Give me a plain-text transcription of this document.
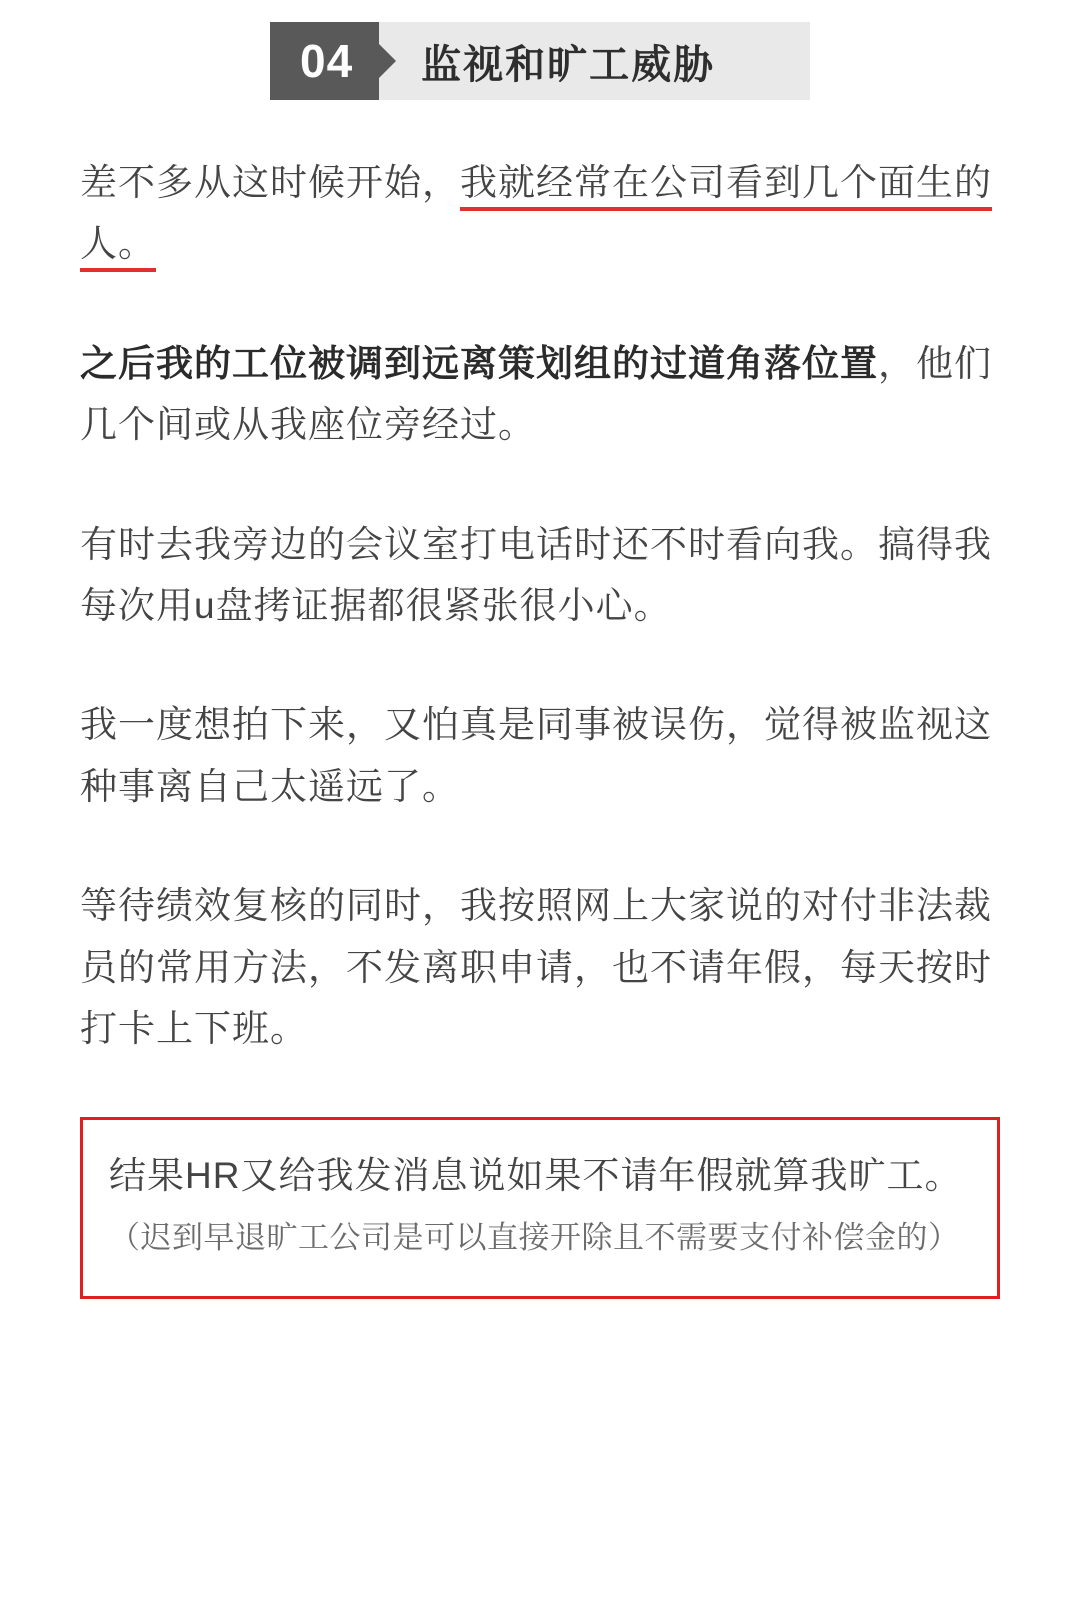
04	监视和旷工威胁

差不多从这时候开始，我就经常在公司看到几个面生的人。

之后我的工位被调到远离策划组的过道角落位置，他们几个间或从我座位旁经过。

有时去我旁边的会议室打电话时还不时看向我。搞得我每次用u盘拷证据都很紧张很小心。

我一度想拍下来，又怕真是同事被误伤，觉得被监视这种事离自己太遥远了。

等待绩效复核的同时，我按照网上大家说的对付非法裁员的常用方法，不发离职申请，也不请年假，每天按时打卡上下班。

结果HR又给我发消息说如果不请年假就算我旷工。（迟到早退旷工公司是可以直接开除且不需要支付补偿金的）
